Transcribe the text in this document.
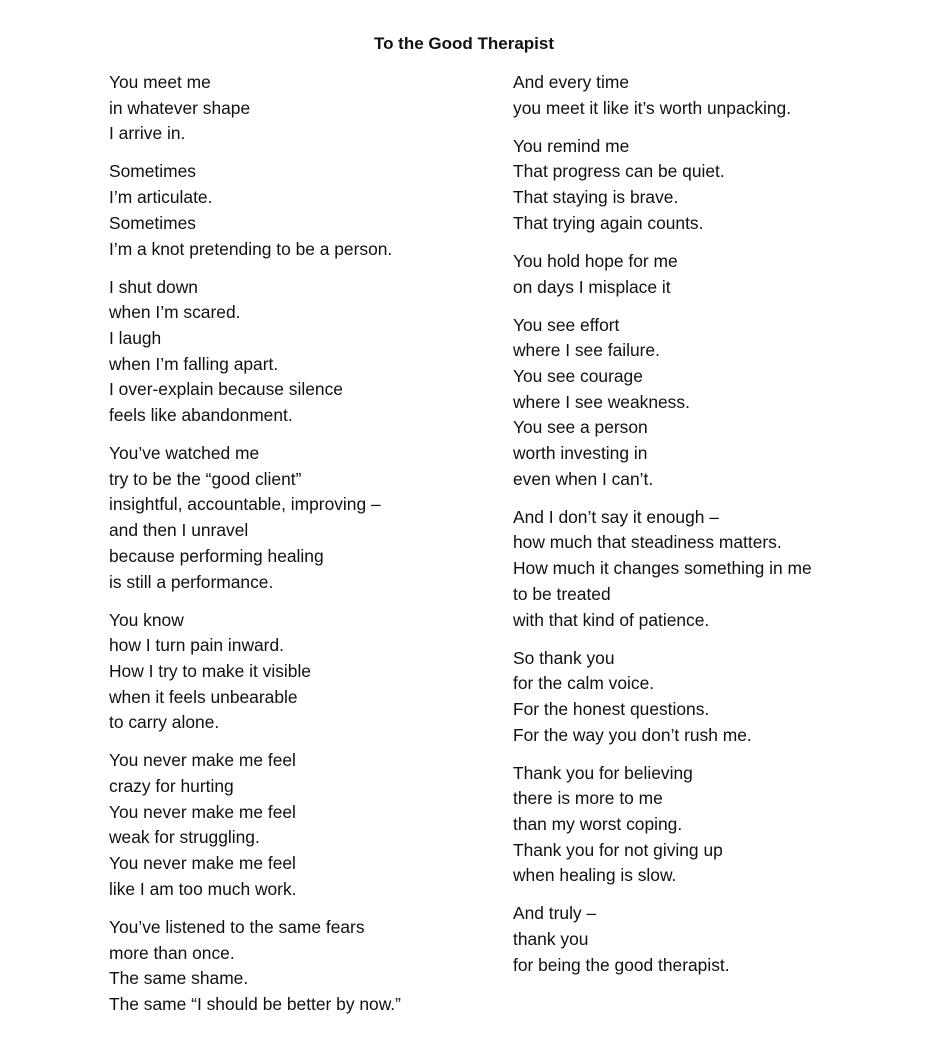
To the Good Therapist
You meet me
in whatever shape
I arrive in.
Sometimes
I’m articulate.
Sometimes
I’m a knot pretending to be a person.
I shut down
when I’m scared.
I laugh
when I’m falling apart.
I over-explain because silence
feels like abandonment.
You’ve watched me
try to be the “good client”
insightful, accountable, improving –
and then I unravel
because performing healing
is still a performance.
You know
how I turn pain inward.
How I try to make it visible
when it feels unbearable
to carry alone.
You never make me feel
crazy for hurting
You never make me feel
weak for struggling.
You never make me feel
like I am too much work.
You’ve listened to the same fears
more than once.
The same shame.
The same “I should be better by now.”
And every time
you meet it like it’s worth unpacking.
You remind me
That progress can be quiet.
That staying is brave.
That trying again counts.
You hold hope for me
on days I misplace it
You see effort
where I see failure.
You see courage
where I see weakness.
You see a person
worth investing in
even when I can’t.
And I don’t say it enough –
how much that steadiness matters.
How much it changes something in me
to be treated
with that kind of patience.
So thank you
for the calm voice.
For the honest questions.
For the way you don’t rush me.
Thank you for believing
there is more to me
than my worst coping.
Thank you for not giving up
when healing is slow.
And truly –
thank you
for being the good therapist.
